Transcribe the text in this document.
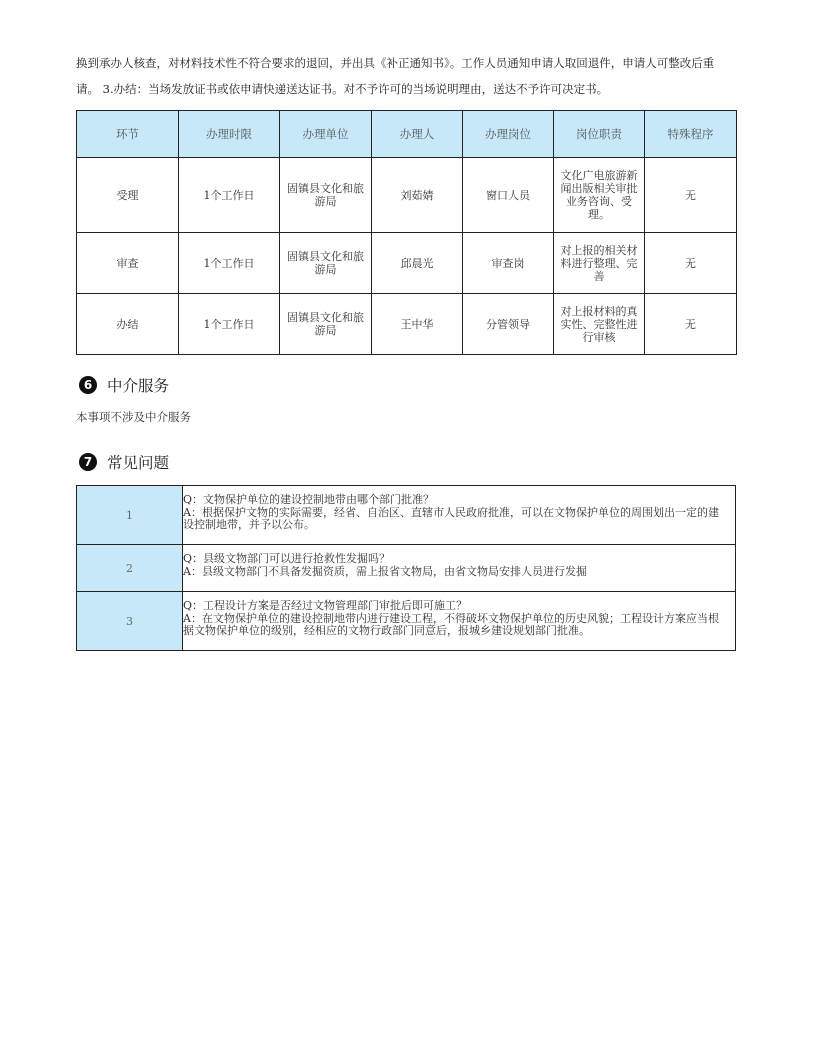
换到承办人核查，对材料技术性不符合要求的退回，并出具《补正通知书》。工作人员通知申请人取回退件，申请人可整改后重

请。 3.办结：当场发放证书或依申请快递送达证书。对不予许可的当场说明理由，送达不予许可决定书。

环节	办理时限	办理单位	办理人	办理岗位	岗位职责	特殊程序
受理	1个工作日	固镇县文化和旅游局	刘茹婧	窗口人员	文化广电旅游新闻出版相关审批业务咨询、受理。	无
审查	1个工作日	固镇县文化和旅游局	邱晨光	审查岗	对上报的相关材料进行整理、完善	无
办结	1个工作日	固镇县文化和旅游局	王中华	分管领导	对上报材料的真实性、完整性进行审核	无
6 中介服务
本事项不涉及中介服务
7 常见问题
1	Q：文物保护单位的建设控制地带由哪个部门批准？
A：根据保护文物的实际需要，经省、自治区、直辖市人民政府批准，可以在文物保护单位的周围划出一定的建设控制地带，并予以公布。

2	Q：县级文物部门可以进行抢救性发掘吗？
A：县级文物部门不具备发掘资质，需上报省文物局，由省文物局安排人员进行发掘

3	Q：工程设计方案是否经过文物管理部门审批后即可施工？
A：在文物保护单位的建设控制地带内进行建设工程，不得破坏文物保护单位的历史风貌；工程设计方案应当根据文物保护单位的级别，经相应的文物行政部门同意后，报城乡建设规划部门批准。
